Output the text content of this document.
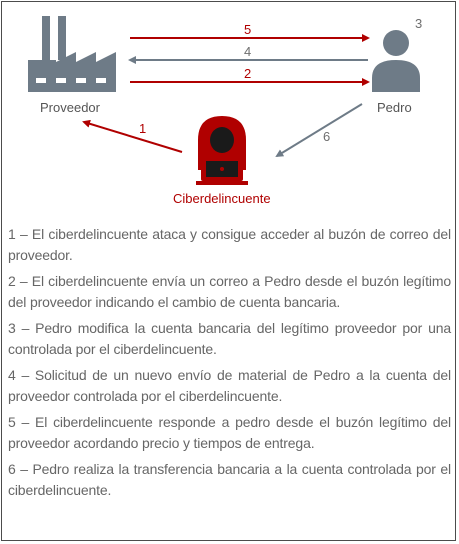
Proveedor	Pedro
Ciberdelincuente
5
4
2
3
1
6

1 – El ciberdelincuente ataca y consigue acceder al buzón de correo del proveedor.

2 – El ciberdelincuente envía un correo a Pedro desde el buzón legítimo del proveedor indicando el cambio de cuenta bancaria.

3 – Pedro modifica la cuenta bancaria del legítimo proveedor por una controlada por el ciberdelincuente.

4 – Solicitud de un nuevo envío de material de Pedro a la cuenta del proveedor controlada por el ciberdelincuente.

5 – El ciberdelincuente responde a pedro desde el buzón legítimo del proveedor acordando precio y tiempos de entrega.

6 – Pedro realiza la transferencia bancaria a la cuenta controlada por el ciberdelincuente.
